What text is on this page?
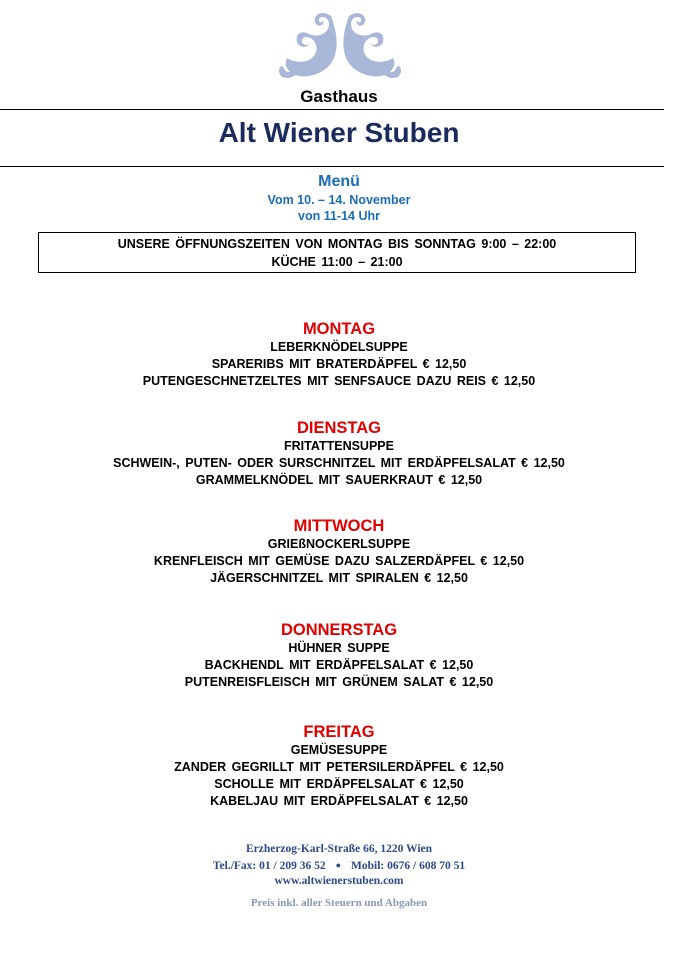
Gasthaus
Alt Wiener Stuben
Menü
Vom 10. – 14. November
von 11-14 Uhr
UNSERE ÖFFNUNGSZEITEN VON MONTAG BIS SONNTAG 9:00 – 22:00
KÜCHE 11:00 – 21:00
MONTAG
LEBERKNÖDELSUPPE
SPARERIBS MIT BRATERDÄPFEL € 12,50
PUTENGESCHNETZELTES MIT SENFSAUCE DAZU REIS € 12,50
DIENSTAG
FRITATTENSUPPE
SCHWEIN-, PUTEN- ODER SURSCHNITZEL MIT ERDÄPFELSALAT € 12,50
GRAMMELKNÖDEL MIT SAUERKRAUT € 12,50
MITTWOCH
GRIEßNOCKERLSUPPE
KRENFLEISCH MIT GEMÜSE DAZU SALZERDÄPFEL € 12,50
JÄGERSCHNITZEL MIT SPIRALEN € 12,50
DONNERSTAG
HÜHNER SUPPE
BACKHENDL MIT ERDÄPFELSALAT € 12,50
PUTENREISFLEISCH MIT GRÜNEM SALAT € 12,50
FREITAG
GEMÜSESUPPE
ZANDER GEGRILLT MIT PETERSILERDÄPFEL € 12,50
SCHOLLE MIT ERDÄPFELSALAT € 12,50
KABELJAU MIT ERDÄPFELSALAT € 12,50
Erzherzog-Karl-Straße 66, 1220 Wien
Tel./Fax: 01 / 209 36 52 ● Mobil: 0676 / 608 70 51
www.altwienerstuben.com
Preis inkl. aller Steuern und Abgaben
